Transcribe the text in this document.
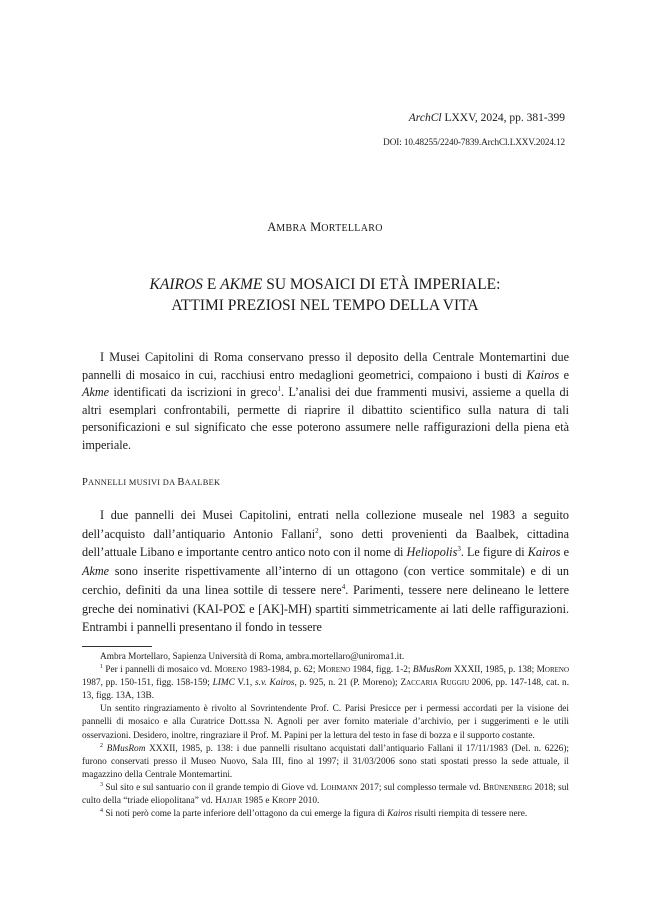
ArchCl LXXV, 2024, pp. 381-399
DOI: 10.48255/2240-7839.ArchCl.LXXV.2024.12
AMBRA MORTELLARO
KAIROS E AKME SU MOSAICI DI ETÀ IMPERIALE:
ATTIMI PREZIOSI NEL TEMPO DELLA VITA

I Musei Capitolini di Roma conservano presso il deposito della Centrale Montemartini due pannelli di mosaico in cui, racchiusi entro medaglioni geometrici, compaiono i busti di Kairos e Akme identificati da iscrizioni in greco$^1$. L’analisi dei due frammenti musivi, assieme a quella di altri esemplari confrontabili, permette di riaprire il dibattito scientifico sulla natura di tali personificazioni e sul significato che esse poterono assumere nelle raffigurazioni della piena età imperiale.

PANNELLI MUSIVI DA BAALBEK

I due pannelli dei Musei Capitolini, entrati nella collezione museale nel 1983 a seguito dell’acquisto dall’antiquario Antonio Fallani$^2$, sono detti provenienti da Baalbek, cittadina dell’attuale Libano e importante centro antico noto con il nome di Heliopolis$^3$. Le figure di Kairos e Akme sono inserite rispettivamente all’interno di un ottagono (con vertice sommitale) e di un cerchio, definiti da una linea sottile di tessere nere$^4$. Parimenti, tessere nere delineano le lettere greche dei nominativi (ΚΑΙ-ΡΟΣ e [ΑΚ]-ΜΗ) spartiti simmetricamente ai lati delle raffigurazioni. Entrambi i pannelli presentano il fondo in tessere

Ambra Mortellaro, Sapienza Università di Roma, ambra.mortellaro@uniroma1.it.

$^1$ Per i pannelli di mosaico vd. Moreno 1983-1984, p. 62; Moreno 1984, figg. 1-2; BMusRom XXXII, 1985, p. 138; Moreno 1987, pp. 150-151, figg. 158-159; LIMC V.1, s.v. Kairos, p. 925, n. 21 (P. Moreno); Zaccaria Ruggiu 2006, pp. 147-148, cat. n. 13, figg. 13A, 13B.

Un sentito ringraziamento è rivolto al Sovrintendente Prof. C. Parisi Presicce per i permessi accordati per la visione dei pannelli di mosaico e alla Curatrice Dott.ssa N. Agnoli per aver fornito materiale d’archivio, per i suggerimenti e le utili osservazioni. Desidero, inoltre, ringraziare il Prof. M. Papini per la lettura del testo in fase di bozza e il supporto costante.

$^2$ BMusRom XXXII, 1985, p. 138: i due pannelli risultano acquistati dall’antiquario Fallani il 17/11/1983 (Del. n. 6226); furono conservati presso il Museo Nuovo, Sala III, fino al 1997; il 31/03/2006 sono stati spostati presso la sede attuale, il magazzino della Centrale Montemartini.

$^3$ Sul sito e sul santuario con il grande tempio di Giove vd. Lohmann 2017; sul complesso termale vd. Brünenberg 2018; sul culto della “triade eliopolitana” vd. Hajjar 1985 e Kropp 2010.

$^4$ Si noti però come la parte inferiore dell’ottagono da cui emerge la figura di Kairos risulti riempita di tessere nere.
